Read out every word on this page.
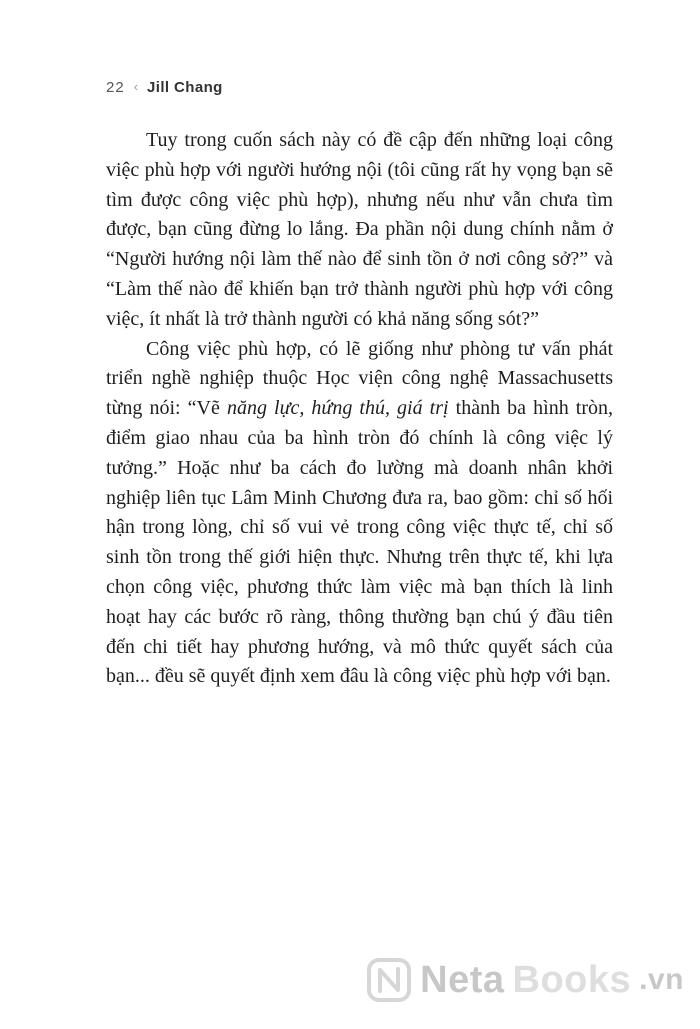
22 ‹ Jill Chang

Tuy trong cuốn sách này có đề cập đến những loại công việc phù hợp với người hướng nội (tôi cũng rất hy vọng bạn sẽ tìm được công việc phù hợp), nhưng nếu như vẫn chưa tìm được, bạn cũng đừng lo lắng. Đa phần nội dung chính nằm ở “Người hướng nội làm thế nào để sinh tồn ở nơi công sở?” và “Làm thế nào để khiến bạn trở thành người phù hợp với công việc, ít nhất là trở thành người có khả năng sống sót?”

Công việc phù hợp, có lẽ giống như phòng tư vấn phát triển nghề nghiệp thuộc Học viện công nghệ Massachusetts từng nói: “Vẽ năng lực, hứng thú, giá trị thành ba hình tròn, điểm giao nhau của ba hình tròn đó chính là công việc lý tưởng.” Hoặc như ba cách đo lường mà doanh nhân khởi nghiệp liên tục Lâm Minh Chương đưa ra, bao gồm: chỉ số hối hận trong lòng, chỉ số vui vẻ trong công việc thực tế, chỉ số sinh tồn trong thế giới hiện thực. Nhưng trên thực tế, khi lựa chọn công việc, phương thức làm việc mà bạn thích là linh hoạt hay các bước rõ ràng, thông thường bạn chú ý đầu tiên đến chi tiết hay phương hướng, và mô thức quyết sách của bạn... đều sẽ quyết định xem đâu là công việc phù hợp với bạn.

Neta Books .vn
